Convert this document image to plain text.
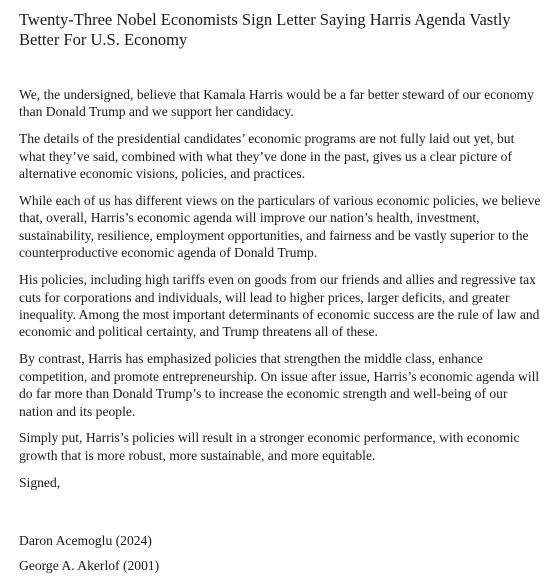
Twenty-Three Nobel Economists Sign Letter Saying Harris Agenda Vastly Better For U.S. Economy

We, the undersigned, believe that Kamala Harris would be a far better steward of our economy than Donald Trump and we support her candidacy.

The details of the presidential candidates’ economic programs are not fully laid out yet, but what they’ve said, combined with what they’ve done in the past, gives us a clear picture of alternative economic visions, policies, and practices.

While each of us has different views on the particulars of various economic policies, we believe that, overall, Harris’s economic agenda will improve our nation’s health, investment, sustainability, resilience, employment opportunities, and fairness and be vastly superior to the counterproductive economic agenda of Donald Trump.

His policies, including high tariffs even on goods from our friends and allies and regressive tax cuts for corporations and individuals, will lead to higher prices, larger deficits, and greater inequality. Among the most important determinants of economic success are the rule of law and economic and political certainty, and Trump threatens all of these.

By contrast, Harris has emphasized policies that strengthen the middle class, enhance competition, and promote entrepreneurship. On issue after issue, Harris’s economic agenda will do far more than Donald Trump’s to increase the economic strength and well-being of our nation and its people.

Simply put, Harris’s policies will result in a stronger economic performance, with economic growth that is more robust, more sustainable, and more equitable.

Signed,

Daron Acemoglu (2024)

George A. Akerlof (2001)
